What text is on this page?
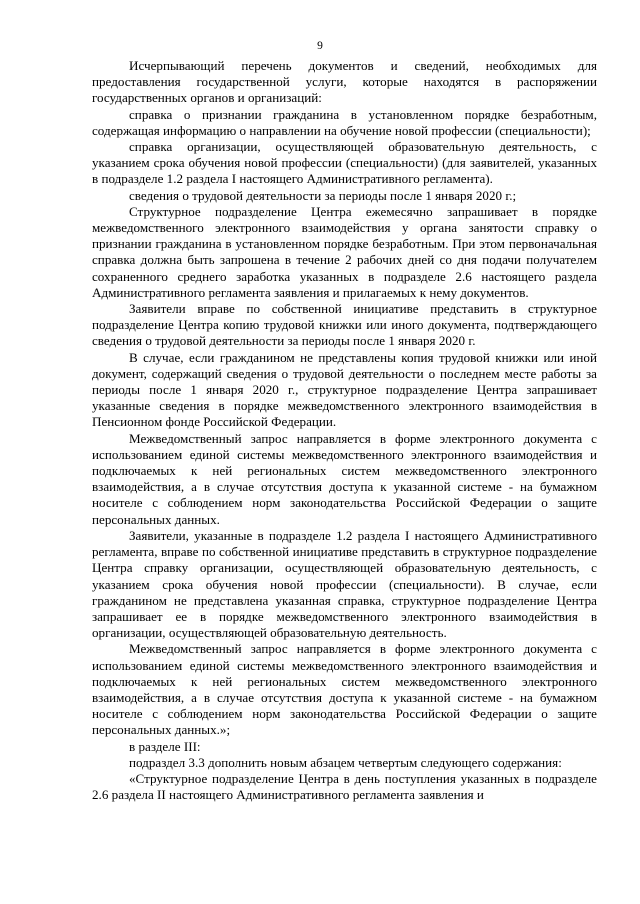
9

Исчерпывающий перечень документов и сведений, необходимых для предоставления государственной услуги, которые находятся в распоряжении государственных органов и организаций:

справка о признании гражданина в установленном порядке безработным, содержащая информацию о направлении на обучение новой профессии (специальности);

справка организации, осуществляющей образовательную деятельность, с указанием срока обучения новой профессии (специальности) (для заявителей, указанных в подразделе 1.2 раздела I настоящего Административного регламента).

сведения о трудовой деятельности за периоды после 1 января 2020 г.;

Структурное подразделение Центра ежемесячно запрашивает в порядке межведомственного электронного взаимодействия у органа занятости справку о признании гражданина в установленном порядке безработным. При этом первоначальная справка должна быть запрошена в течение 2 рабочих дней со дня подачи получателем сохраненного среднего заработка указанных в подразделе 2.6 настоящего раздела Административного регламента заявления и прилагаемых к нему документов.

Заявители вправе по собственной инициативе представить в структурное подразделение Центра копию трудовой книжки или иного документа, подтверждающего сведения о трудовой деятельности за периоды после 1 января 2020 г.

В случае, если гражданином не представлены копия трудовой книжки или иной документ, содержащий сведения о трудовой деятельности о последнем месте работы за периоды после 1 января 2020 г., структурное подразделение Центра запрашивает указанные сведения в порядке межведомственного электронного взаимодействия в Пенсионном фонде Российской Федерации.

Межведомственный запрос направляется в форме электронного документа с использованием единой системы межведомственного электронного взаимодействия и подключаемых к ней региональных систем межведомственного электронного взаимодействия, а в случае отсутствия доступа к указанной системе - на бумажном носителе с соблюдением норм законодательства Российской Федерации о защите персональных данных.

Заявители, указанные в подразделе 1.2 раздела I настоящего Административного регламента, вправе по собственной инициативе представить в структурное подразделение Центра справку организации, осуществляющей образовательную деятельность, с указанием срока обучения новой профессии (специальности). В случае, если гражданином не представлена указанная справка, структурное подразделение Центра запрашивает ее в порядке межведомственного электронного взаимодействия в организации, осуществляющей образовательную деятельность.

Межведомственный запрос направляется в форме электронного документа с использованием единой системы межведомственного электронного взаимодействия и подключаемых к ней региональных систем межведомственного электронного взаимодействия, а в случае отсутствия доступа к указанной системе - на бумажном носителе с соблюдением норм законодательства Российской Федерации о защите персональных данных.»;

в разделе III:

подраздел 3.3 дополнить новым абзацем четвертым следующего содержания:

«Структурное подразделение Центра в день поступления указанных в подразделе 2.6 раздела II настоящего Административного регламента заявления и
